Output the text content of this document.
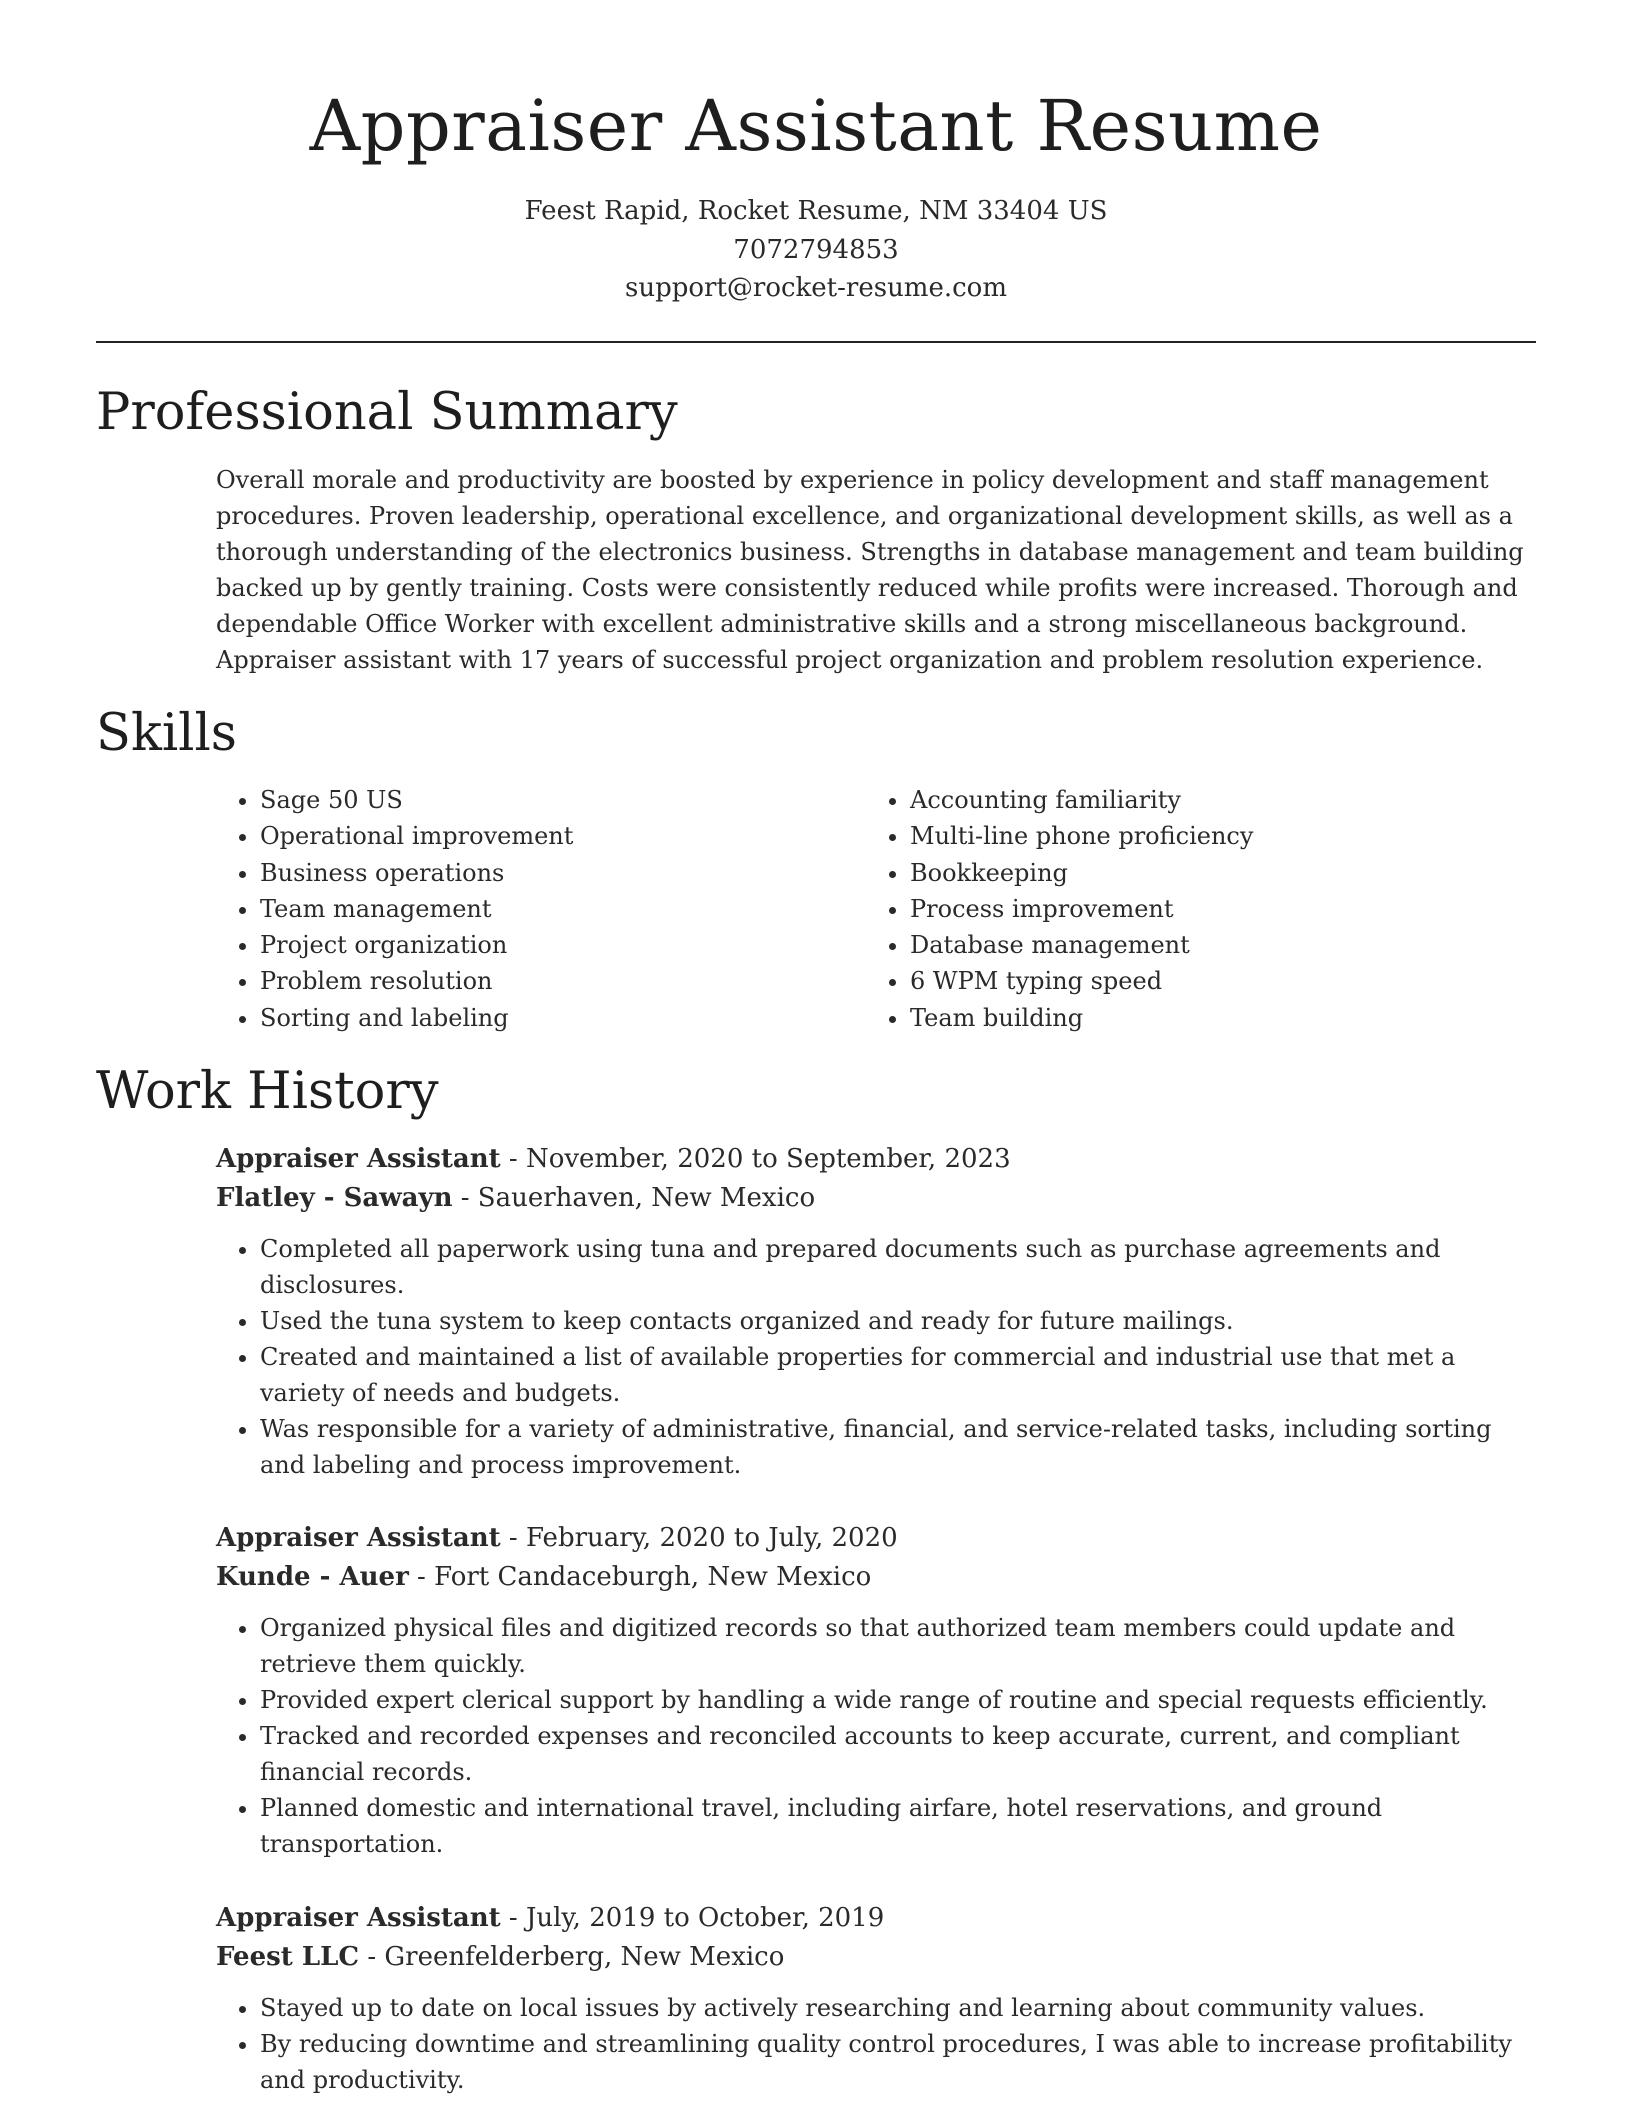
Appraiser Assistant Resume
Feest Rapid, Rocket Resume, NM 33404 US
7072794853
support@rocket-resume.com
Professional Summary

Overall morale and productivity are boosted by experience in policy development and staff management procedures. Proven leadership, operational excellence, and organizational development skills, as well as a thorough understanding of the electronics business. Strengths in database management and team building backed up by gently training. Costs were consistently reduced while profits were increased. Thorough and dependable Office Worker with excellent administrative skills and a strong miscellaneous background. Appraiser assistant with 17 years of successful project organization and problem resolution experience.

Skills
• Sage 50 US
• Operational improvement
• Business operations
• Team management
• Project organization
• Problem resolution
• Sorting and labeling
• Accounting familiarity
• Multi-line phone proficiency
• Bookkeeping
• Process improvement
• Database management
• 6 WPM typing speed
• Team building
Work History
Appraiser Assistant - November, 2020 to September, 2023
Flatley - Sawayn - Sauerhaven, New Mexico
• Completed all paperwork using tuna and prepared documents such as purchase agreements and disclosures.
• Used the tuna system to keep contacts organized and ready for future mailings.
• Created and maintained a list of available properties for commercial and industrial use that met a variety of needs and budgets.
• Was responsible for a variety of administrative, financial, and service-related tasks, including sorting and labeling and process improvement.
Appraiser Assistant - February, 2020 to July, 2020
Kunde - Auer - Fort Candaceburgh, New Mexico
• Organized physical files and digitized records so that authorized team members could update and retrieve them quickly.
• Provided expert clerical support by handling a wide range of routine and special requests efficiently.
• Tracked and recorded expenses and reconciled accounts to keep accurate, current, and compliant financial records.
• Planned domestic and international travel, including airfare, hotel reservations, and ground transportation.
Appraiser Assistant - July, 2019 to October, 2019
Feest LLC - Greenfelderberg, New Mexico
• Stayed up to date on local issues by actively researching and learning about community values.
• By reducing downtime and streamlining quality control procedures, I was able to increase profitability and productivity.
